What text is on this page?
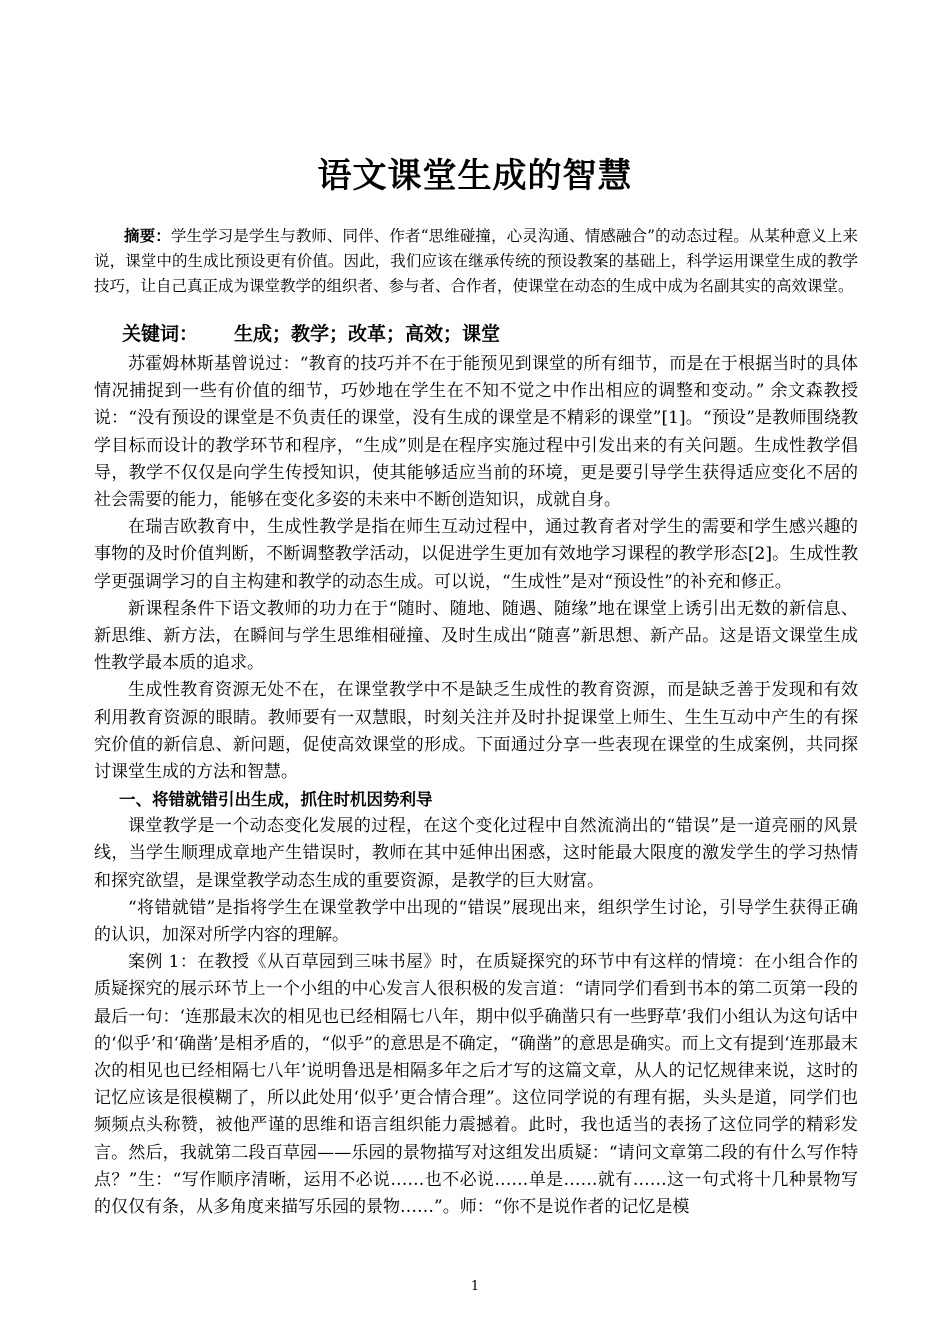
语文课堂生成的智慧

摘要：学生学习是学生与教师、同伴、作者“思维碰撞，心灵沟通、情感融合”的动态过程。从某种意义上来说，课堂中的生成比预设更有价值。因此，我们应该在继承传统的预设教案的基础上，科学运用课堂生成的教学技巧，让自己真正成为课堂教学的组织者、参与者、合作者，使课堂在动态的生成中成为名副其实的高效课堂。

关键词： 生成；教学；改革；高效；课堂

苏霍姆林斯基曾说过：“教育的技巧并不在于能预见到课堂的所有细节，而是在于根据当时的具体情况捕捉到一些有价值的细节，巧妙地在学生在不知不觉之中作出相应的调整和变动。” 余文森教授说：“没有预设的课堂是不负责任的课堂，没有生成的课堂是不精彩的课堂”[1]。“预设”是教师围绕教学目标而设计的教学环节和程序，“生成”则是在程序实施过程中引发出来的有关问题。生成性教学倡导，教学不仅仅是向学生传授知识，使其能够适应当前的环境，更是要引导学生获得适应变化不居的社会需要的能力，能够在变化多姿的未来中不断创造知识，成就自身。

在瑞吉欧教育中，生成性教学是指在师生互动过程中，通过教育者对学生的需要和学生感兴趣的事物的及时价值判断，不断调整教学活动，以促进学生更加有效地学习课程的教学形态[2]。生成性教学更强调学习的自主构建和教学的动态生成。可以说，“生成性”是对“预设性”的补充和修正。

新课程条件下语文教师的功力在于“随时、随地、随遇、随缘”地在课堂上诱引出无数的新信息、新思维、新方法，在瞬间与学生思维相碰撞、及时生成出“随喜”新思想、新产品。这是语文课堂生成性教学最本质的追求。

生成性教育资源无处不在，在课堂教学中不是缺乏生成性的教育资源，而是缺乏善于发现和有效利用教育资源的眼睛。教师要有一双慧眼，时刻关注并及时扑捉课堂上师生、生生互动中产生的有探究价值的新信息、新问题，促使高效课堂的形成。下面通过分享一些表现在课堂的生成案例，共同探讨课堂生成的方法和智慧。

一、将错就错引出生成，抓住时机因势利导

课堂教学是一个动态变化发展的过程，在这个变化过程中自然流淌出的“错误”是一道亮丽的风景线，当学生顺理成章地产生错误时，教师在其中延伸出困惑，这时能最大限度的激发学生的学习热情和探究欲望，是课堂教学动态生成的重要资源，是教学的巨大财富。

“将错就错”是指将学生在课堂教学中出现的“错误”展现出来，组织学生讨论，引导学生获得正确的认识，加深对所学内容的理解。

案例 1：在教授《从百草园到三味书屋》时，在质疑探究的环节中有这样的情境：在小组合作的质疑探究的展示环节上一个小组的中心发言人很积极的发言道：“请同学们看到书本的第二页第一段的最后一句：‘连那最末次的相见也已经相隔七八年，期中似乎确凿只有一些野草’我们小组认为这句话中的‘似乎’和‘确凿’是相矛盾的，“似乎”的意思是不确定，“确凿”的意思是确实。而上文有提到‘连那最末次的相见也已经相隔七八年’说明鲁迅是相隔多年之后才写的这篇文章，从人的记忆规律来说，这时的记忆应该是很模糊了，所以此处用‘似乎’更合情合理”。这位同学说的有理有据，头头是道，同学们也频频点头称赞，被他严谨的思维和语言组织能力震撼着。此时，我也适当的表扬了这位同学的精彩发言。然后，我就第二段百草园——乐园的景物描写对这组发出质疑：“请问文章第二段的有什么写作特点？”生：“写作顺序清晰，运用不必说……也不必说……单是……就有……这一句式将十几种景物写的仅仅有条，从多角度来描写乐园的景物……”。师：“你不是说作者的记忆是模

1
